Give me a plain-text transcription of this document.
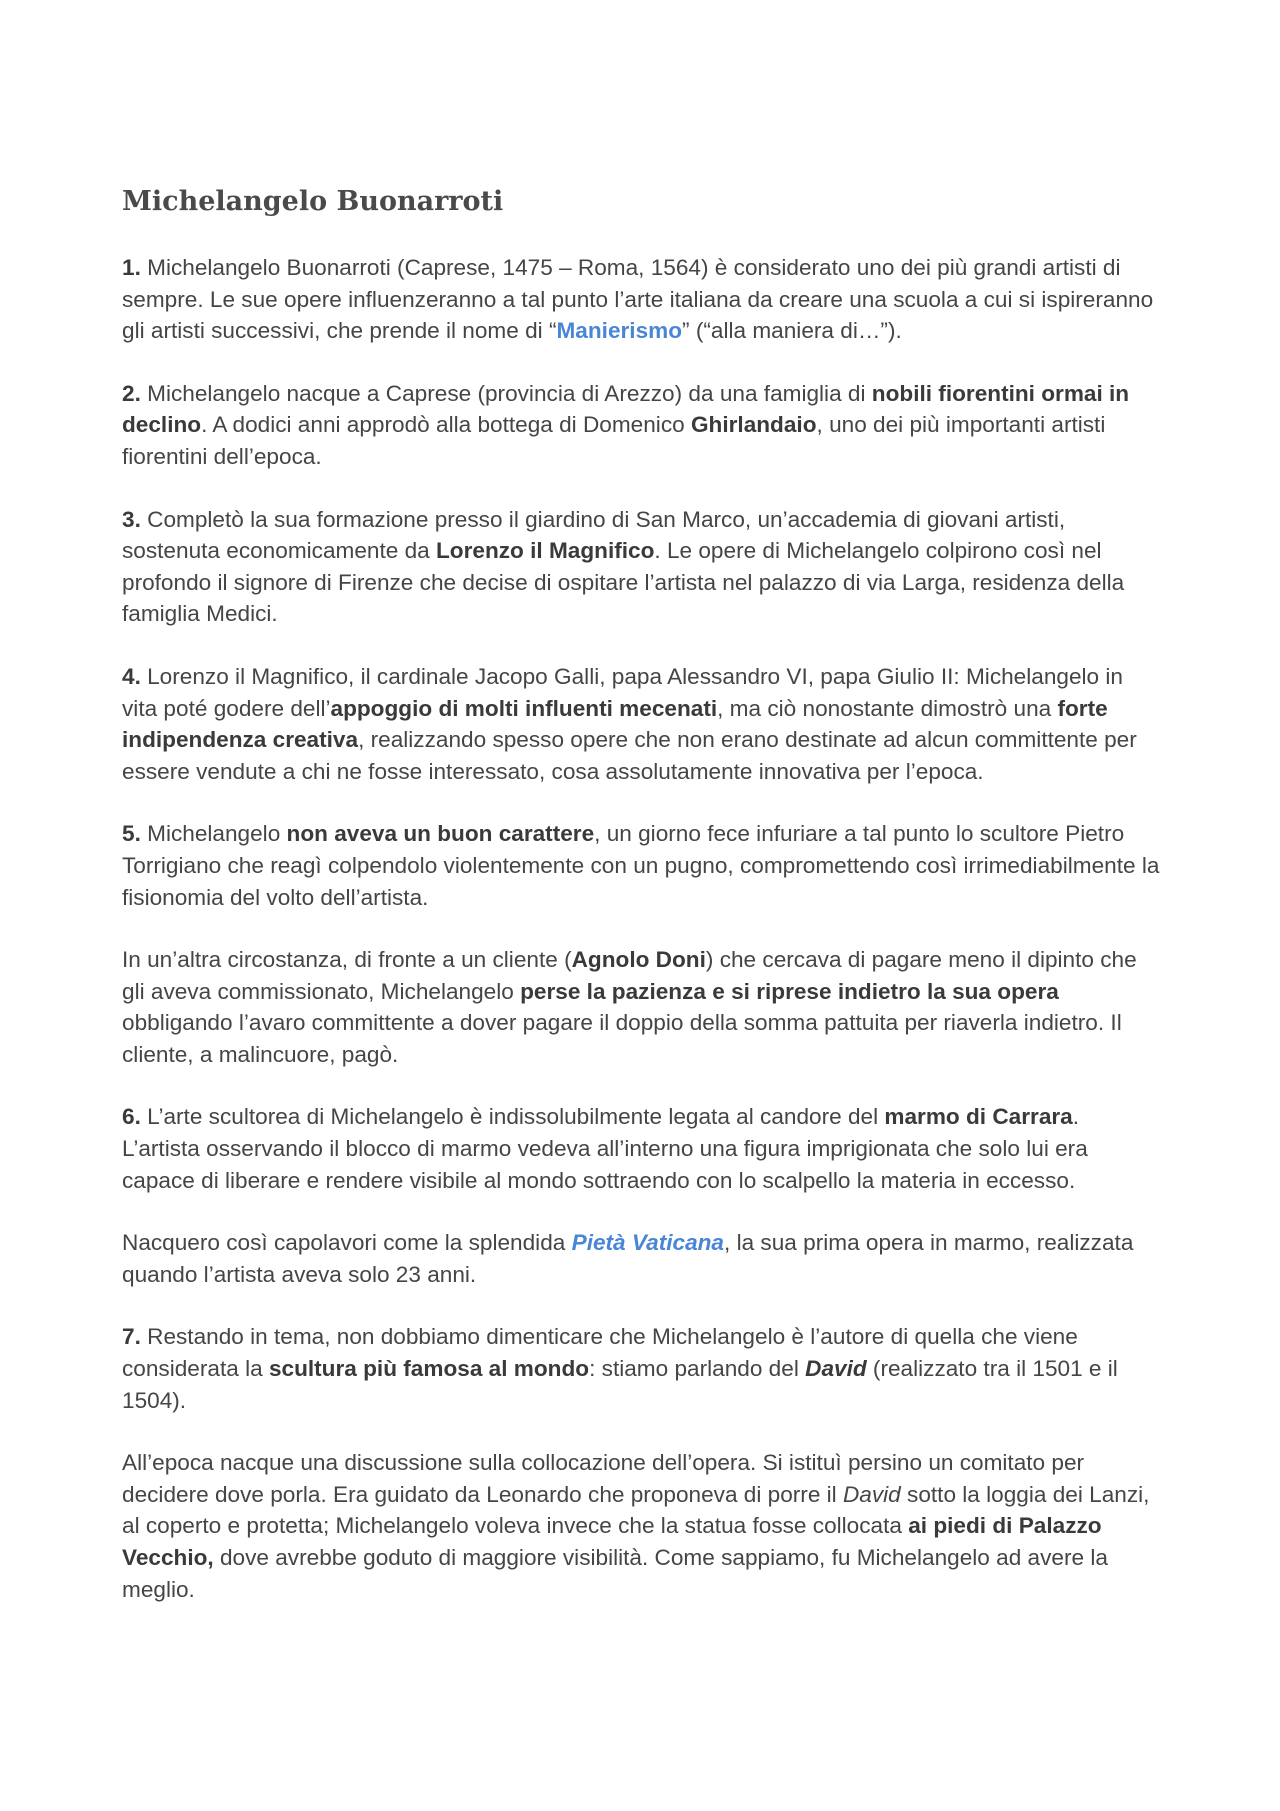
Michelangelo Buonarroti

1. Michelangelo Buonarroti (Caprese, 1475 – Roma, 1564) è considerato uno dei più grandi artisti di sempre. Le sue opere influenzeranno a tal punto l’arte italiana da creare una scuola a cui si ispireranno gli artisti successivi, che prende il nome di “Manierismo” (“alla maniera di…”).

2. Michelangelo nacque a Caprese (provincia di Arezzo) da una famiglia di nobili fiorentini ormai in declino. A dodici anni approdò alla bottega di Domenico Ghirlandaio, uno dei più importanti artisti fiorentini dell’epoca.

3. Completò la sua formazione presso il giardino di San Marco, un’accademia di giovani artisti, sostenuta economicamente da Lorenzo il Magnifico. Le opere di Michelangelo colpirono così nel profondo il signore di Firenze che decise di ospitare l’artista nel palazzo di via Larga, residenza della famiglia Medici.

4. Lorenzo il Magnifico, il cardinale Jacopo Galli, papa Alessandro VI, papa Giulio II: Michelangelo in vita poté godere dell’appoggio di molti influenti mecenati, ma ciò nonostante dimostrò una forte indipendenza creativa, realizzando spesso opere che non erano destinate ad alcun committente per essere vendute a chi ne fosse interessato, cosa assolutamente innovativa per l’epoca.

5. Michelangelo non aveva un buon carattere, un giorno fece infuriare a tal punto lo scultore Pietro Torrigiano che reagì colpendolo violentemente con un pugno, compromettendo così irrimediabilmente la fisionomia del volto dell’artista.

In un’altra circostanza, di fronte a un cliente (Agnolo Doni) che cercava di pagare meno il dipinto che gli aveva commissionato, Michelangelo perse la pazienza e si riprese indietro la sua opera obbligando l’avaro committente a dover pagare il doppio della somma pattuita per riaverla indietro. Il cliente, a malincuore, pagò.

6. L’arte scultorea di Michelangelo è indissolubilmente legata al candore del marmo di Carrara. L’artista osservando il blocco di marmo vedeva all’interno una figura imprigionata che solo lui era capace di liberare e rendere visibile al mondo sottraendo con lo scalpello la materia in eccesso.

Nacquero così capolavori come la splendida Pietà Vaticana, la sua prima opera in marmo, realizzata quando l’artista aveva solo 23 anni.

7. Restando in tema, non dobbiamo dimenticare che Michelangelo è l’autore di quella che viene considerata la scultura più famosa al mondo: stiamo parlando del David (realizzato tra il 1501 e il 1504).

All’epoca nacque una discussione sulla collocazione dell’opera. Si istituì persino un comitato per decidere dove porla. Era guidato da Leonardo che proponeva di porre il David sotto la loggia dei Lanzi, al coperto e protetta; Michelangelo voleva invece che la statua fosse collocata ai piedi di Palazzo Vecchio, dove avrebbe goduto di maggiore visibilità. Come sappiamo, fu Michelangelo ad avere la meglio.
